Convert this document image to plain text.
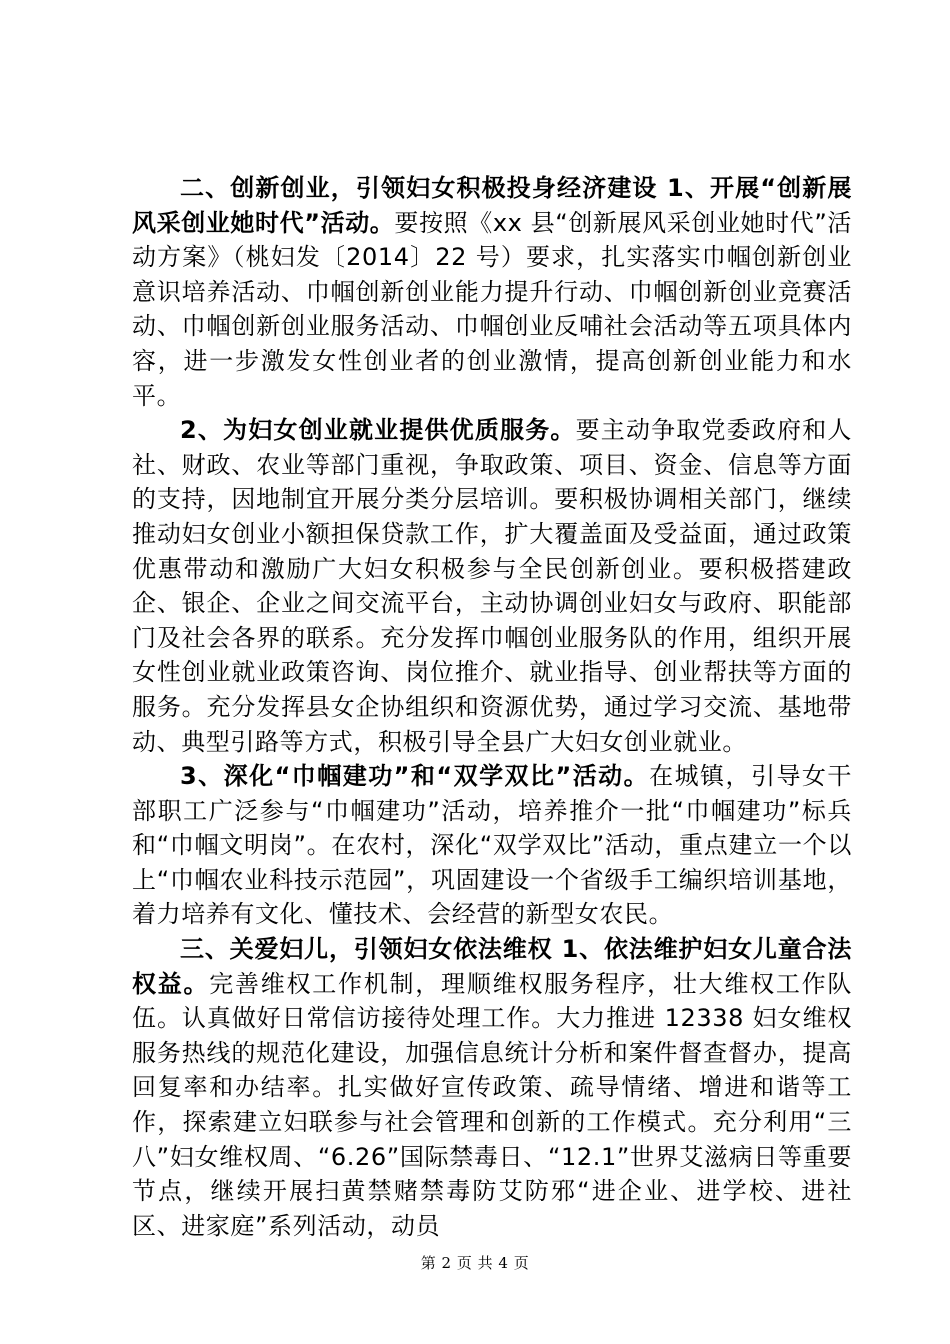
二、创新创业，引领妇女积极投身经济建设 1、开展“创新展风采创业她时代”活动。要按照《xx 县“创新展风采创业她时代”活动方案》（桃妇发〔2014〕22 号）要求，扎实落实巾帼创新创业意识培养活动、巾帼创新创业能力提升行动、巾帼创新创业竞赛活动、巾帼创新创业服务活动、巾帼创业反哺社会活动等五项具体内容，进一步激发女性创业者的创业激情，提高创新创业能力和水平。

2、为妇女创业就业提供优质服务。要主动争取党委政府和人社、财政、农业等部门重视，争取政策、项目、资金、信息等方面的支持，因地制宜开展分类分层培训。要积极协调相关部门，继续推动妇女创业小额担保贷款工作，扩大覆盖面及受益面，通过政策优惠带动和激励广大妇女积极参与全民创新创业。要积极搭建政企、银企、企业之间交流平台，主动协调创业妇女与政府、职能部门及社会各界的联系。充分发挥巾帼创业服务队的作用，组织开展女性创业就业政策咨询、岗位推介、就业指导、创业帮扶等方面的服务。充分发挥县女企协组织和资源优势，通过学习交流、基地带动、典型引路等方式，积极引导全县广大妇女创业就业。

3、深化“巾帼建功”和“双学双比”活动。在城镇，引导女干部职工广泛参与“巾帼建功”活动，培养推介一批“巾帼建功”标兵和“巾帼文明岗”。在农村，深化“双学双比”活动，重点建立一个以上“巾帼农业科技示范园”，巩固建设一个省级手工编织培训基地，着力培养有文化、懂技术、会经营的新型女农民。

三、关爱妇儿，引领妇女依法维权 1、依法维护妇女儿童合法权益。完善维权工作机制，理顺维权服务程序，壮大维权工作队伍。认真做好日常信访接待处理工作。大力推进 12338 妇女维权服务热线的规范化建设，加强信息统计分析和案件督查督办，提高回复率和办结率。扎实做好宣传政策、疏导情绪、增进和谐等工作，探索建立妇联参与社会管理和创新的工作模式。充分利用“三八”妇女维权周、“6.26”国际禁毒日、“12.1”世界艾滋病日等重要节点，继续开展扫黄禁赌禁毒防艾防邪“进企业、进学校、进社区、进家庭”系列活动，动员

第 2 页 共 4 页
